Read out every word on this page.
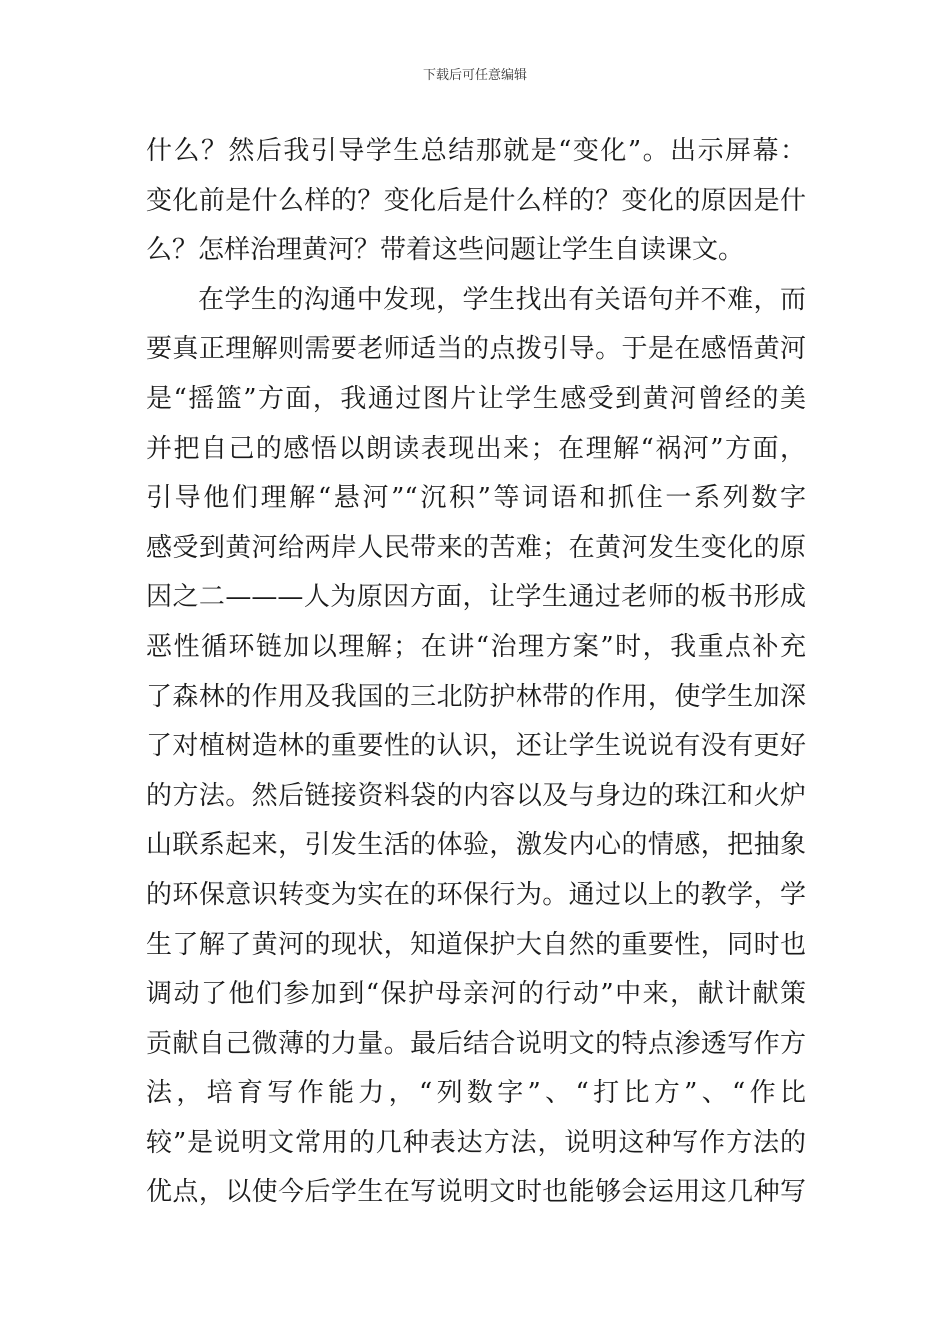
下载后可任意编辑
什么？然后我引导学生总结那就是“变化”。出示屏幕：
变化前是什么样的？变化后是什么样的？变化的原因是什
么？怎样治理黄河？带着这些问题让学生自读课文。
在学生的沟通中发现，学生找出有关语句并不难，而
要真正理解则需要老师适当的点拨引导。于是在感悟黄河
是“摇篮”方面，我通过图片让学生感受到黄河曾经的美
并把自己的感悟以朗读表现出来；在理解“祸河”方面，
引导他们理解“悬河”“沉积”等词语和抓住一系列数字
感受到黄河给两岸人民带来的苦难；在黄河发生变化的原
因之二———人为原因方面，让学生通过老师的板书形成
恶性循环链加以理解；在讲“治理方案”时，我重点补充
了森林的作用及我国的三北防护林带的作用，使学生加深
了对植树造林的重要性的认识，还让学生说说有没有更好
的方法。然后链接资料袋的内容以及与身边的珠江和火炉
山联系起来，引发生活的体验，激发内心的情感，把抽象
的环保意识转变为实在的环保行为。通过以上的教学，学
生了解了黄河的现状，知道保护大自然的重要性，同时也
调动了他们参加到“保护母亲河的行动”中来，献计献策
贡献自己微薄的力量。最后结合说明文的特点渗透写作方
法，培育写作能力，“列数字”、“打比方”、“作比
较”是说明文常用的几种表达方法，说明这种写作方法的
优点，以使今后学生在写说明文时也能够会运用这几种写
